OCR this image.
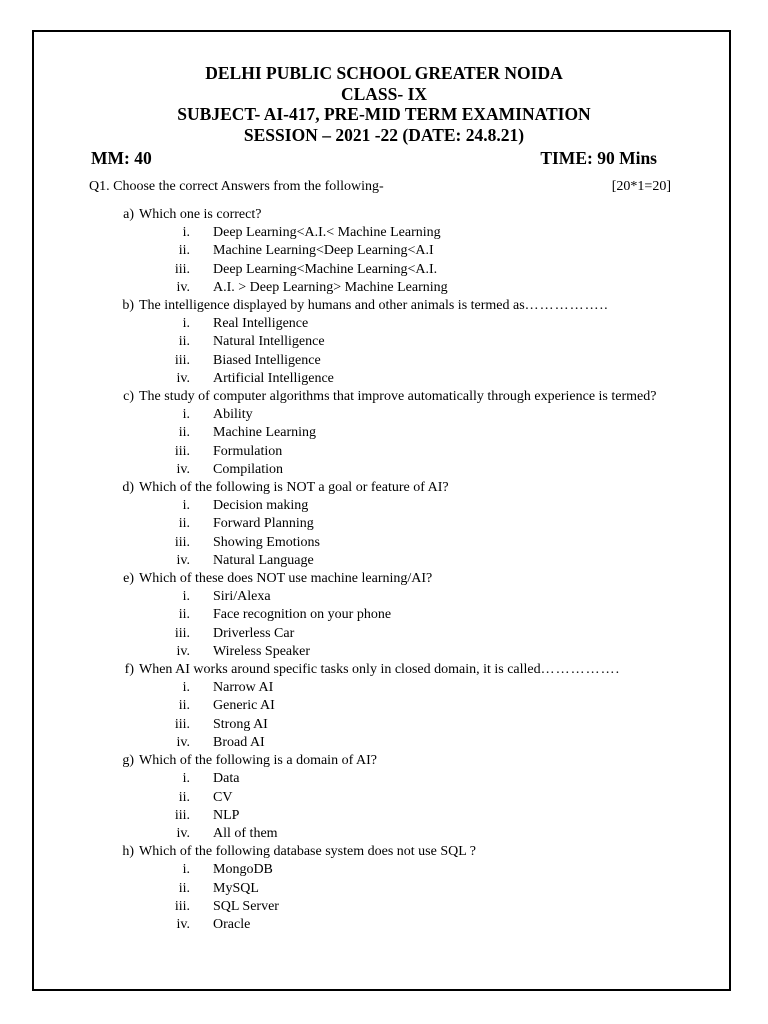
DELHI PUBLIC SCHOOL GREATER NOIDA

CLASS- IX

SUBJECT- AI-417, PRE-MID TERM EXAMINATION

SESSION – 2021 -22 (DATE: 24.8.21)

MM: 40	TIME: 90 Mins
Q1. Choose the correct Answers from the following-	[20*1=20]
a) Which one is correct?
i. Deep Learning<A.I.< Machine Learning
ii. Machine Learning<Deep Learning<A.I
iii. Deep Learning<Machine Learning<A.I.
iv. A.I. > Deep Learning> Machine Learning
b) The intelligence displayed by humans and other animals is termed as……………..
i. Real Intelligence
ii. Natural Intelligence
iii. Biased Intelligence
iv. Artificial Intelligence
c) The study of computer algorithms that improve automatically through experience is termed?
i. Ability
ii. Machine Learning
iii. Formulation
iv. Compilation
d) Which of the following is NOT a goal or feature of AI?
i. Decision making
ii. Forward Planning
iii. Showing Emotions
iv. Natural Language
e) Which of these does NOT use machine learning/AI?
i. Siri/Alexa
ii. Face recognition on your phone
iii. Driverless Car
iv. Wireless Speaker
f) When AI works around specific tasks only in closed domain, it is called…………….
i. Narrow AI
ii. Generic AI
iii. Strong AI
iv. Broad AI
g) Which of the following is a domain of AI?
i. Data
ii. CV
iii. NLP
iv. All of them
h) Which of the following database system does not use SQL ?
i. MongoDB
ii. MySQL
iii. SQL Server
iv. Oracle
